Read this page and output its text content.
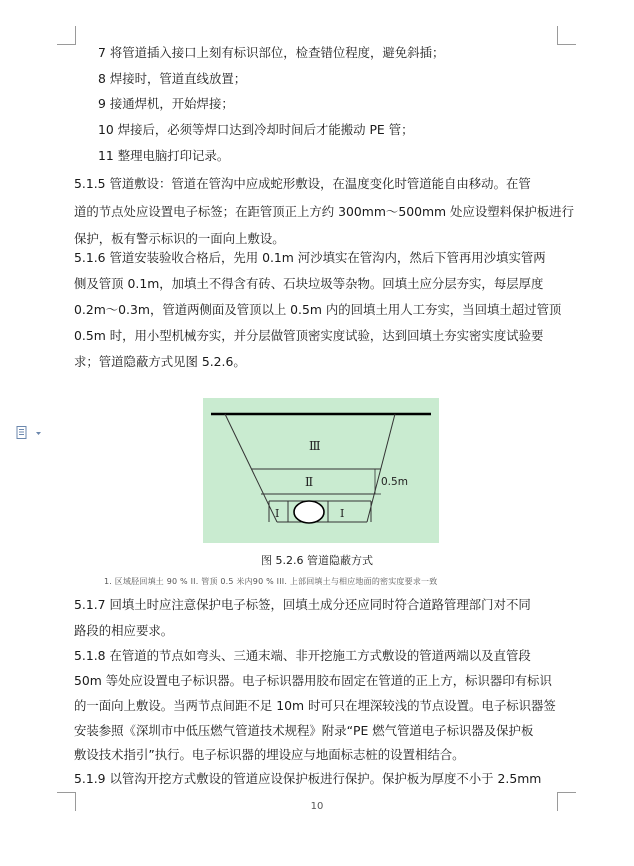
7 将管道插入接口上刻有标识部位，检查错位程度，避免斜插；
8 焊接时，管道直线放置；
9 接通焊机，开始焊接；
10 焊接后，必须等焊口达到冷却时间后才能搬动 PE 管；
11 整理电脑打印记录。
5.1.5 管道敷设：管道在管沟中应成蛇形敷设，在温度变化时管道能自由移动。在管
道的节点处应设置电子标签；在距管顶正上方约 300mm～500mm 处应设塑料保护板进行
保护，板有警示标识的一面向上敷设。
5.1.6 管道安装验收合格后，先用 0.1m 河沙填实在管沟内，然后下管再用沙填实管两
侧及管顶 0.1m，加填土不得含有砖、石块垃圾等杂物。回填土应分层夯实，每层厚度
0.2m～0.3m，管道两侧面及管顶以上 0.5m 内的回填土用人工夯实，当回填土超过管顶
0.5m 时，用小型机械夯实，并分层做管顶密实度试验，达到回填土夯实密实度试验要
求；管道隐蔽方式见图 5.2.6。
Ⅲ
Ⅱ
Ⅰ	Ⅰ
0.5m
图 5.2.6 管道隐蔽方式
1. 区域胫回填土 90 % II. 管顶 0.5 米内90 % III. 上部回填土与相应地面的密实度要求一致
5.1.7 回填土时应注意保护电子标签，回填土成分还应同时符合道路管理部门对不同
路段的相应要求。
5.1.8 在管道的节点如弯头、三通末端、非开挖施工方式敷设的管道两端以及直管段
50m 等处应设置电子标识器。电子标识器用胶布固定在管道的正上方，标识器印有标识
的一面向上敷设。当两节点间距不足 10m 时可只在埋深较浅的节点设置。电子标识器签
安装参照《深圳市中低压燃气管道技术规程》附录“PE 燃气管道电子标识器及保护板
敷设技术指引”执行。电子标识器的埋设应与地面标志桩的设置相结合。
5.1.9 以管沟开挖方式敷设的管道应设保护板进行保护。保护板为厚度不小于 2.5mm
10
